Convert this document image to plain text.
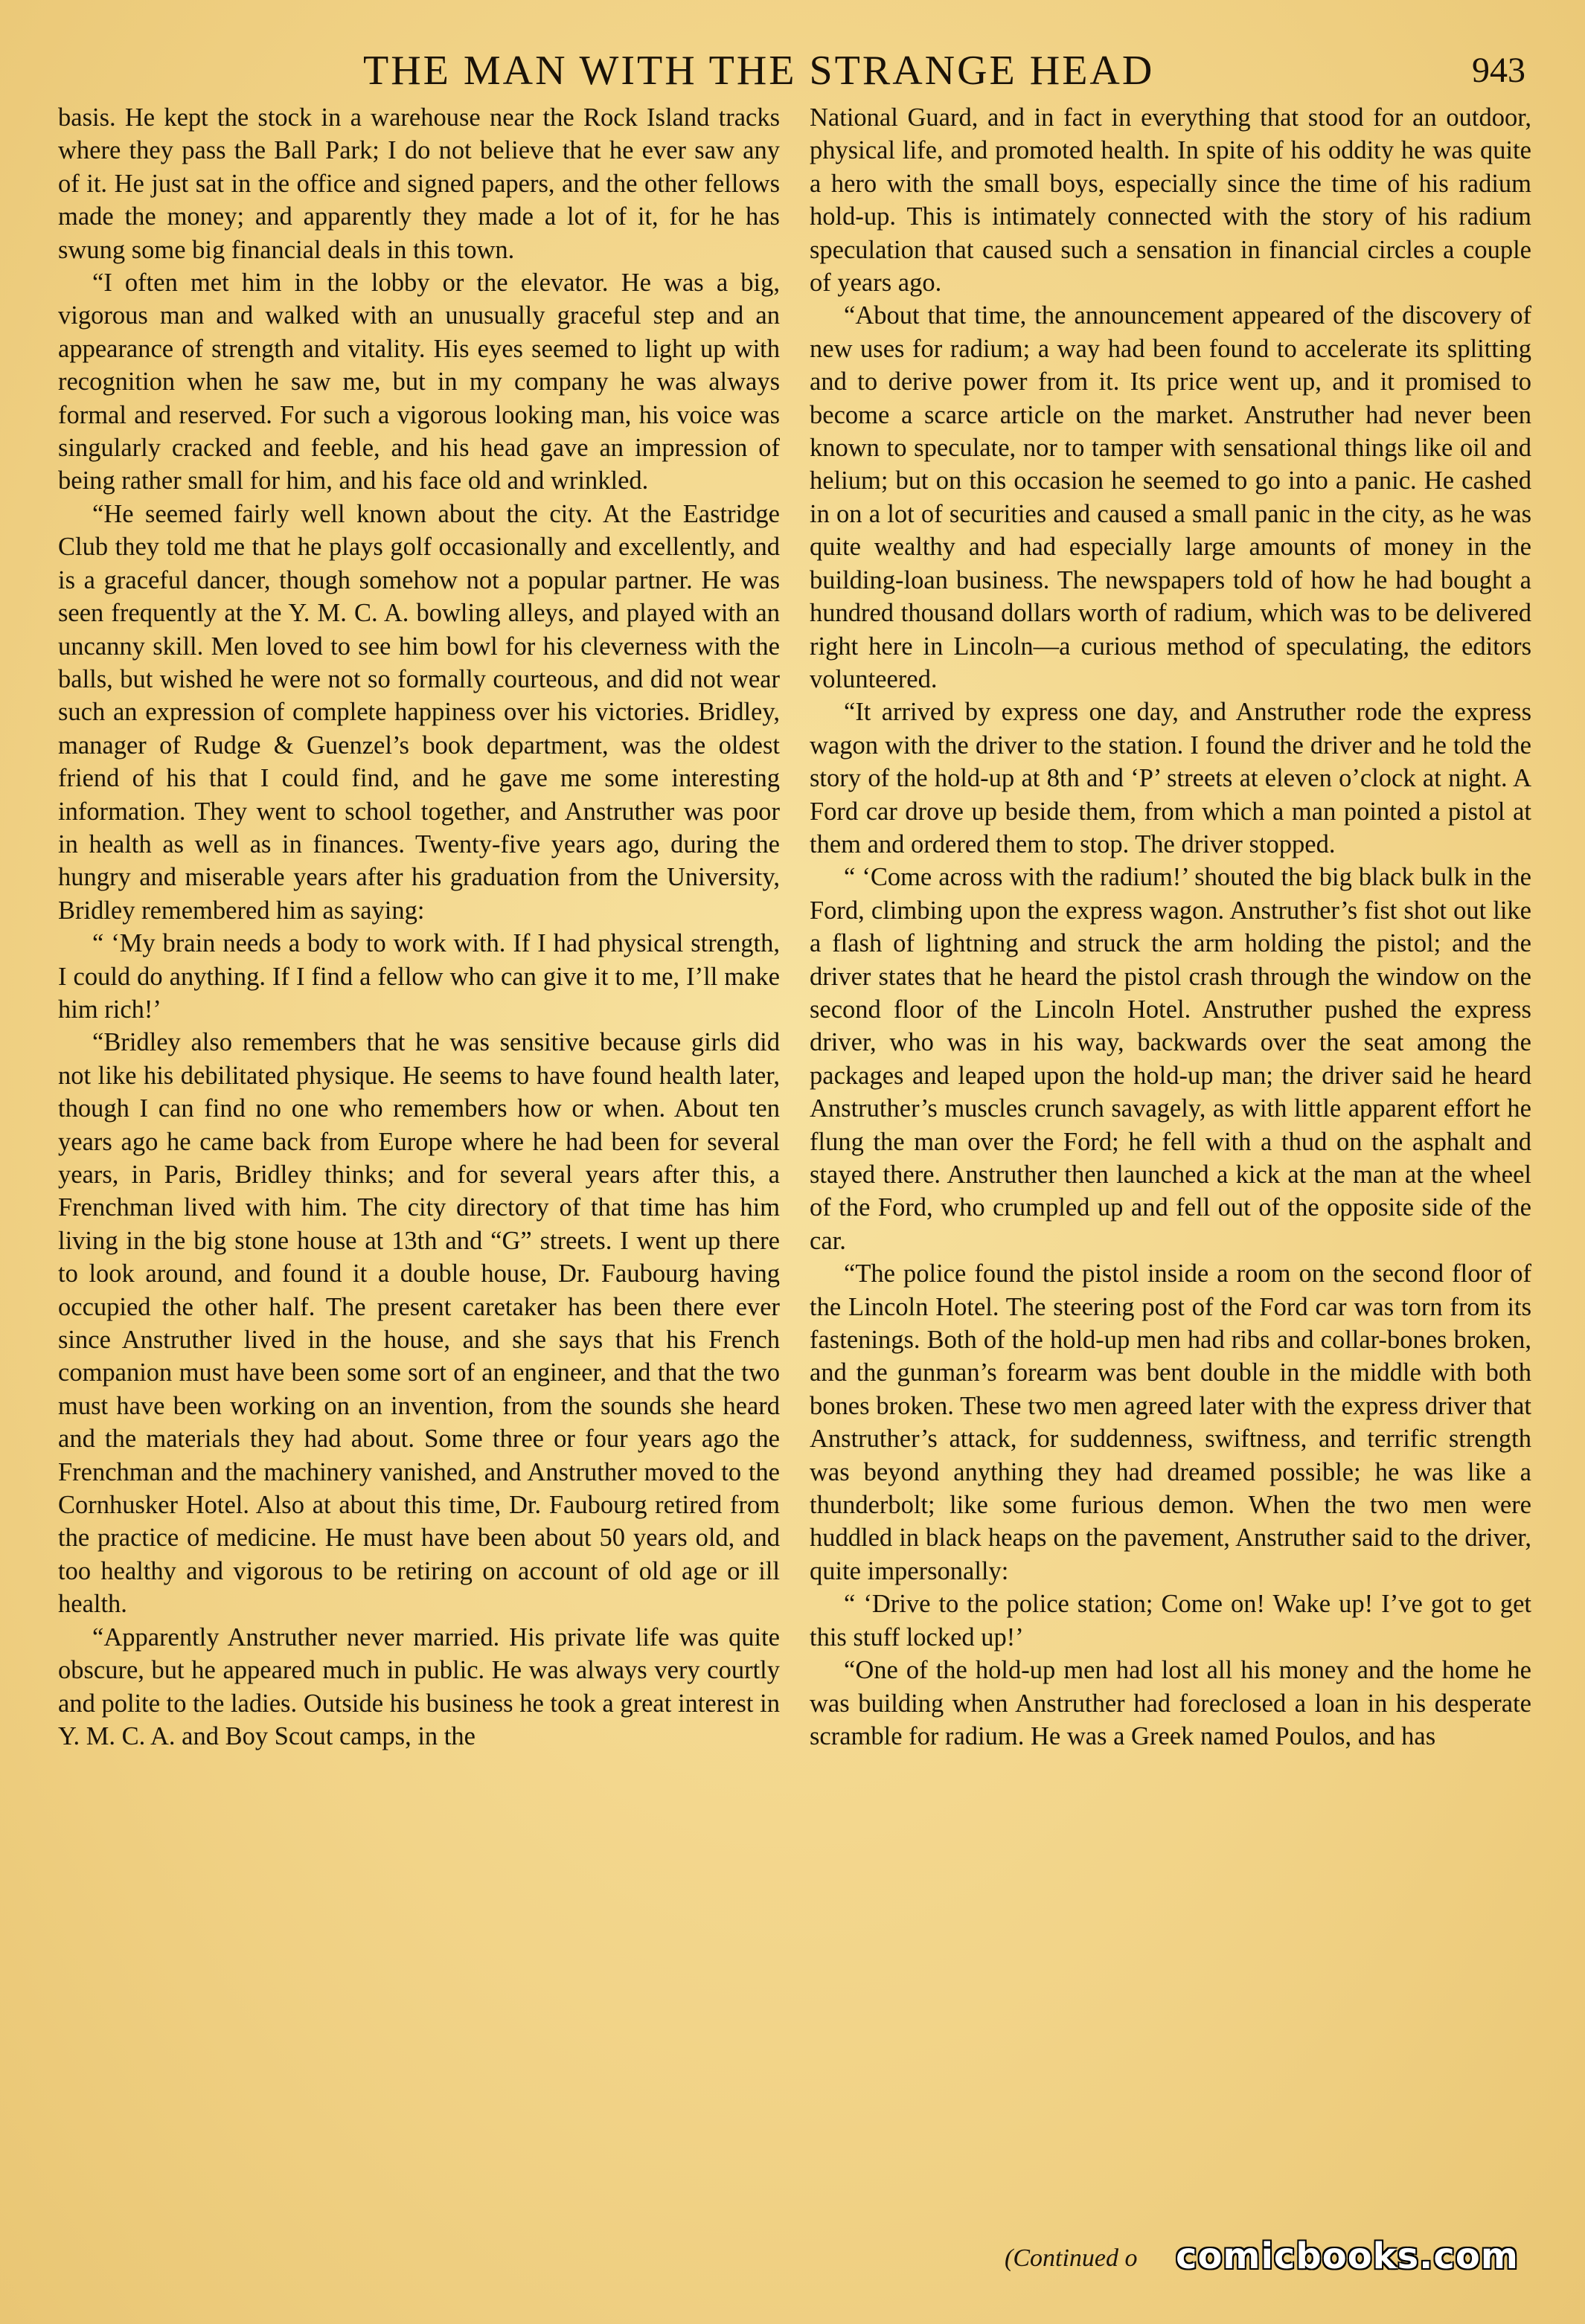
THE MAN WITH THE STRANGE HEAD	943

basis. He kept the stock in a warehouse near the Rock Island tracks where they pass the Ball Park; I do not believe that he ever saw any of it. He just sat in the office and signed papers, and the other fellows made the money; and apparently they made a lot of it, for he has swung some big financial deals in this town.

“I often met him in the lobby or the elevator. He was a big, vigorous man and walked with an unusually graceful step and an appearance of strength and vitality. His eyes seemed to light up with recognition when he saw me, but in my company he was always formal and reserved. For such a vigorous looking man, his voice was singularly cracked and feeble, and his head gave an impression of being rather small for him, and his face old and wrinkled.

“He seemed fairly well known about the city. At the Eastridge Club they told me that he plays golf occasionally and excellently, and is a graceful dancer, though somehow not a popular partner. He was seen frequently at the Y. M. C. A. bowling alleys, and played with an uncanny skill. Men loved to see him bowl for his cleverness with the balls, but wished he were not so formally courteous, and did not wear such an expression of complete happiness over his victories. Bridley, manager of Rudge & Guenzel’s book department, was the oldest friend of his that I could find, and he gave me some interesting information. They went to school together, and Anstruther was poor in health as well as in finances. Twenty-five years ago, during the hungry and miserable years after his graduation from the University, Bridley remembered him as saying:

“ ‘My brain needs a body to work with. If I had physical strength, I could do anything. If I find a fellow who can give it to me, I’ll make him rich!’

“Bridley also remembers that he was sensitive because girls did not like his debilitated physique. He seems to have found health later, though I can find no one who remembers how or when. About ten years ago he came back from Europe where he had been for several years, in Paris, Bridley thinks; and for several years after this, a Frenchman lived with him. The city directory of that time has him living in the big stone house at 13th and “G” streets. I went up there to look around, and found it a double house, Dr. Faubourg having occupied the other half. The present caretaker has been there ever since Anstruther lived in the house, and she says that his French companion must have been some sort of an engineer, and that the two must have been working on an invention, from the sounds she heard and the materials they had about. Some three or four years ago the Frenchman and the machinery vanished, and Anstruther moved to the Cornhusker Hotel. Also at about this time, Dr. Faubourg retired from the practice of medicine. He must have been about 50 years old, and too healthy and vigorous to be retiring on account of old age or ill health.

“Apparently Anstruther never married. His private life was quite obscure, but he appeared much in public. He was always very courtly and polite to the ladies. Outside his business he took a great interest in Y. M. C. A. and Boy Scout camps, in the

National Guard, and in fact in everything that stood for an outdoor, physical life, and promoted health. In spite of his oddity he was quite a hero with the small boys, especially since the time of his radium hold-up. This is intimately connected with the story of his radium speculation that caused such a sensation in financial circles a couple of years ago.

“About that time, the announcement appeared of the discovery of new uses for radium; a way had been found to accelerate its splitting and to derive power from it. Its price went up, and it promised to become a scarce article on the market. Anstruther had never been known to speculate, nor to tamper with sensational things like oil and helium; but on this occasion he seemed to go into a panic. He cashed in on a lot of securities and caused a small panic in the city, as he was quite wealthy and had especially large amounts of money in the building-loan business. The newspapers told of how he had bought a hundred thousand dollars worth of radium, which was to be delivered right here in Lincoln—a curious method of speculating, the editors volunteered.

“It arrived by express one day, and Anstruther rode the express wagon with the driver to the station. I found the driver and he told the story of the hold-up at 8th and ‘P’ streets at eleven o’clock at night. A Ford car drove up beside them, from which a man pointed a pistol at them and ordered them to stop. The driver stopped.

“ ‘Come across with the radium!’ shouted the big black bulk in the Ford, climbing upon the express wagon. Anstruther’s fist shot out like a flash of lightning and struck the arm holding the pistol; and the driver states that he heard the pistol crash through the window on the second floor of the Lincoln Hotel. Anstruther pushed the express driver, who was in his way, backwards over the seat among the packages and leaped upon the hold-up man; the driver said he heard Anstruther’s muscles crunch savagely, as with little apparent effort he flung the man over the Ford; he fell with a thud on the asphalt and stayed there. Anstruther then launched a kick at the man at the wheel of the Ford, who crumpled up and fell out of the opposite side of the car.

“The police found the pistol inside a room on the second floor of the Lincoln Hotel. The steering post of the Ford car was torn from its fastenings. Both of the hold-up men had ribs and collar-bones broken, and the gunman’s forearm was bent double in the middle with both bones broken. These two men agreed later with the express driver that Anstruther’s attack, for suddenness, swiftness, and terrific strength was beyond anything they had dreamed possible; he was like a thunderbolt; like some furious demon. When the two men were huddled in black heaps on the pavement, Anstruther said to the driver, quite impersonally:

“ ‘Drive to the police station; Come on! Wake up! I’ve got to get this stuff locked up!’

“One of the hold-up men had lost all his money and the home he was building when Anstruther had foreclosed a loan in his desperate scramble for radium. He was a Greek named Poulos, and has

(Continued o comicbooks.com
